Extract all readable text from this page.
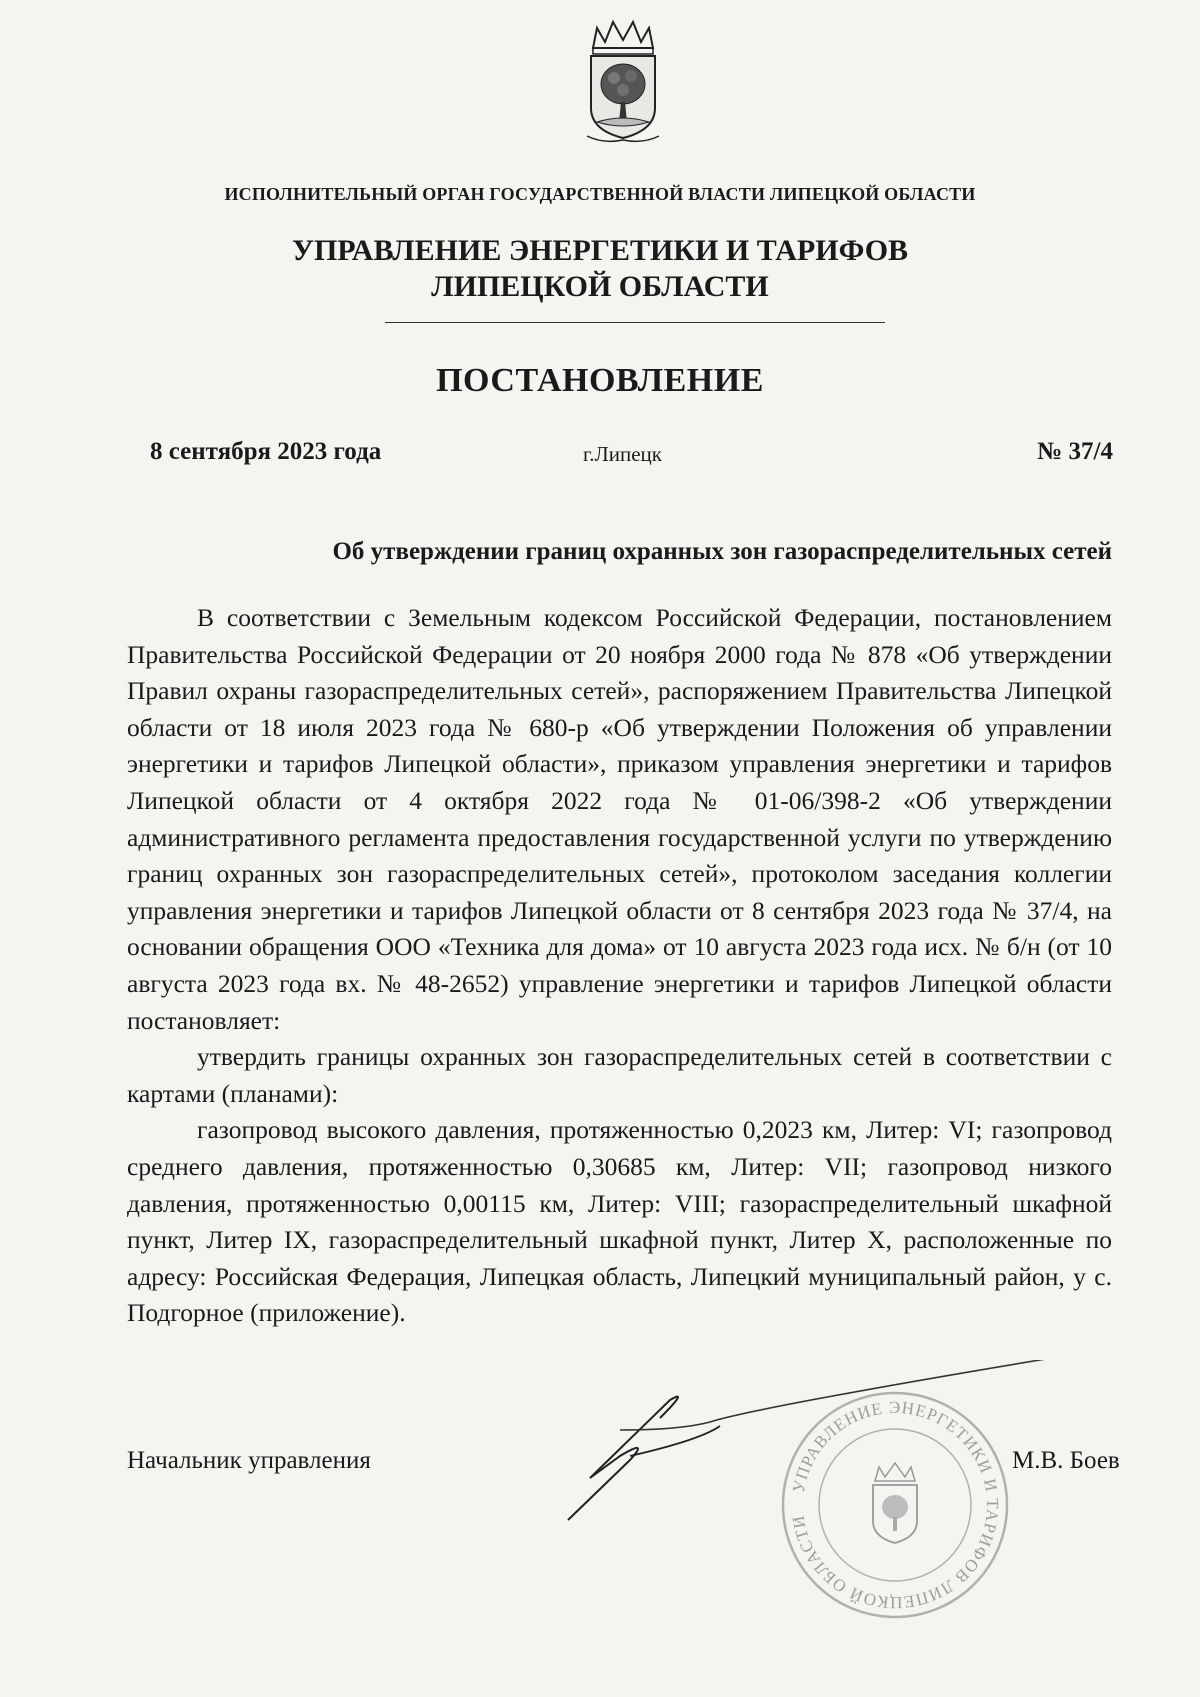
ИСПОЛНИТЕЛЬНЫЙ ОРГАН ГОСУДАРСТВЕННОЙ ВЛАСТИ ЛИПЕЦКОЙ ОБЛАСТИ
УПРАВЛЕНИЕ ЭНЕРГЕТИКИ И ТАРИФОВ
ЛИПЕЦКОЙ ОБЛАСТИ
ПОСТАНОВЛЕНИЕ
8 сентября 2023 года	г.Липецк	№ 37/4
Об утверждении границ охранных зон газораспределительных сетей

В соответствии с Земельным кодексом Российской Федерации, постановлением Правительства Российской Федерации от 20 ноября 2000 года № 878 «Об утверждении Правил охраны газораспределительных сетей», распоряжением Правительства Липецкой области от 18 июля 2023 года № 680-р «Об утверждении Положения об управлении энергетики и тарифов Липецкой области», приказом управления энергетики и тарифов Липецкой области от 4 октября 2022 года № 01-06/398-2 «Об утверждении административного регламента предоставления государственной услуги по утверждению границ охранных зон газораспределительных сетей», протоколом заседания коллегии управления энергетики и тарифов Липецкой области от 8 сентября 2023 года № 37/4, на основании обращения ООО «Техника для дома» от 10 августа 2023 года исх. № б/н (от 10 августа 2023 года вх. № 48-2652) управление энергетики и тарифов Липецкой области постановляет:

утвердить границы охранных зон газораспределительных сетей в соответствии с картами (планами):

газопровод высокого давления, протяженностью 0,2023 км, Литер: VI; газопровод среднего давления, протяженностью 0,30685 км, Литер: VII; газопровод низкого давления, протяженностью 0,00115 км, Литер: VIII; газораспределительный шкафной пункт, Литер IX, газораспределительный шкафной пункт, Литер X, расположенные по адресу: Российская Федерация, Липецкая область, Липецкий муниципальный район, у с. Подгорное (приложение).

УПРАВЛЕНИЕ ЭНЕРГЕТИКИ И ТАРИФОВ ЛИПЕЦКОЙ ОБЛАСТИ
Начальник управления	М.В. Боев
